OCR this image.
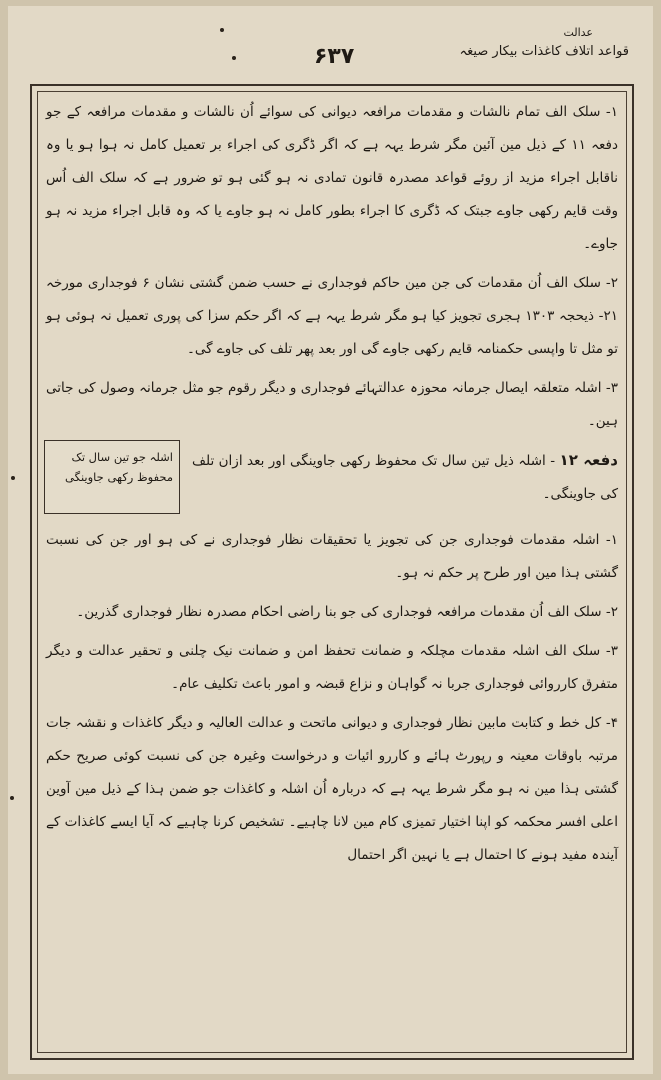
عدالت
قواعد اتلاف کاغذات بیکار صیغہ
۶۳۷

۱- سلک الف تمام نالشات و مقدمات مرافعہ دیوانی کی سوائے اُن نالشات و مقدمات مرافعہ کے جو دفعہ ۱۱ کے ذیل مین آئین مگر شرط یہہ ہے کہ اگر ڈگری کی اجراء بر تعمیل کامل نہ ہوا ہو یا وہ ناقابل اجراء مزید از روئے قواعد مصدرہ قانون تمادی نہ ہو گئی ہو تو ضرور ہے کہ سلک الف اُس وقت قایم رکھی جاوے جبتک کہ ڈگری کا اجراء بطور کامل نہ ہو جاوے یا کہ وہ قابل اجراء مزید نہ ہو جاوے۔

۲- سلک الف اُن مقدمات کی جن مین حاکم فوجداری نے حسب ضمن گشتی نشان ۶ فوجداری مورخہ ۲۱- ذیحجہ ۱۳۰۳ ہجری تجویز کیا ہو مگر شرط یہہ ہے کہ اگر حکم سزا کی پوری تعمیل نہ ہوئی ہو تو مثل تا واپسی حکمنامہ قایم رکھی جاوے گی اور بعد پھر تلف کی جاوے گی۔

۳- اشلہ متعلقہ ایصال جرمانہ محوزہ عدالتہائے فوجداری و دیگر رقوم جو مثل جرمانہ وصول کی جاتی ہین۔

اشلہ جو تین سال تک محفوظ رکھی جاوینگی

دفعہ ۱۲ - اشلہ ذیل تین سال تک محفوظ رکھی جاوینگی اور بعد ازان تلف کی جاوینگی۔

۱- اشلہ مقدمات فوجداری جن کی تجویز یا تحقیقات نظار فوجداری نے کی ہو اور جن کی نسبت گشتی ہذا مین اور طرح پر حکم نہ ہو۔

۲- سلک الف اُن مقدمات مرافعہ فوجداری کی جو بنا راضی احکام مصدرہ نظار فوجداری گذرین۔

۳- سلک الف اشلہ مقدمات مچلکہ و ضمانت تحفظ امن و ضمانت نیک چلنی و تحقیر عدالت و دیگر متفرق کارروائی فوجداری جربا نہ گواہان و نزاع قبضہ و امور باعث تکلیف عام۔

۴- کل خط و کتابت مابین نظار فوجداری و دیوانی ماتحت و عدالت العالیہ و دیگر کاغذات و نقشہ جات مرتبہ باوقات معینہ و رپورٹ ہائے و کاررو ائیات و درخواست وغیرہ جن کی نسبت کوئی صریح حکم گشتی ہذا مین نہ ہو مگر شرط یہہ ہے کہ دربارہ اُن اشلہ و کاغذات جو ضمن ہذا کے ذیل مین آوین اعلی افسر محکمہ کو اپنا اختیار تمیزی کام مین لانا چاہیے۔ تشخیص کرنا چاہیے کہ آیا ایسے کاغذات کے آیندہ مفید ہونے کا احتمال ہے یا نہین اگر احتمال
